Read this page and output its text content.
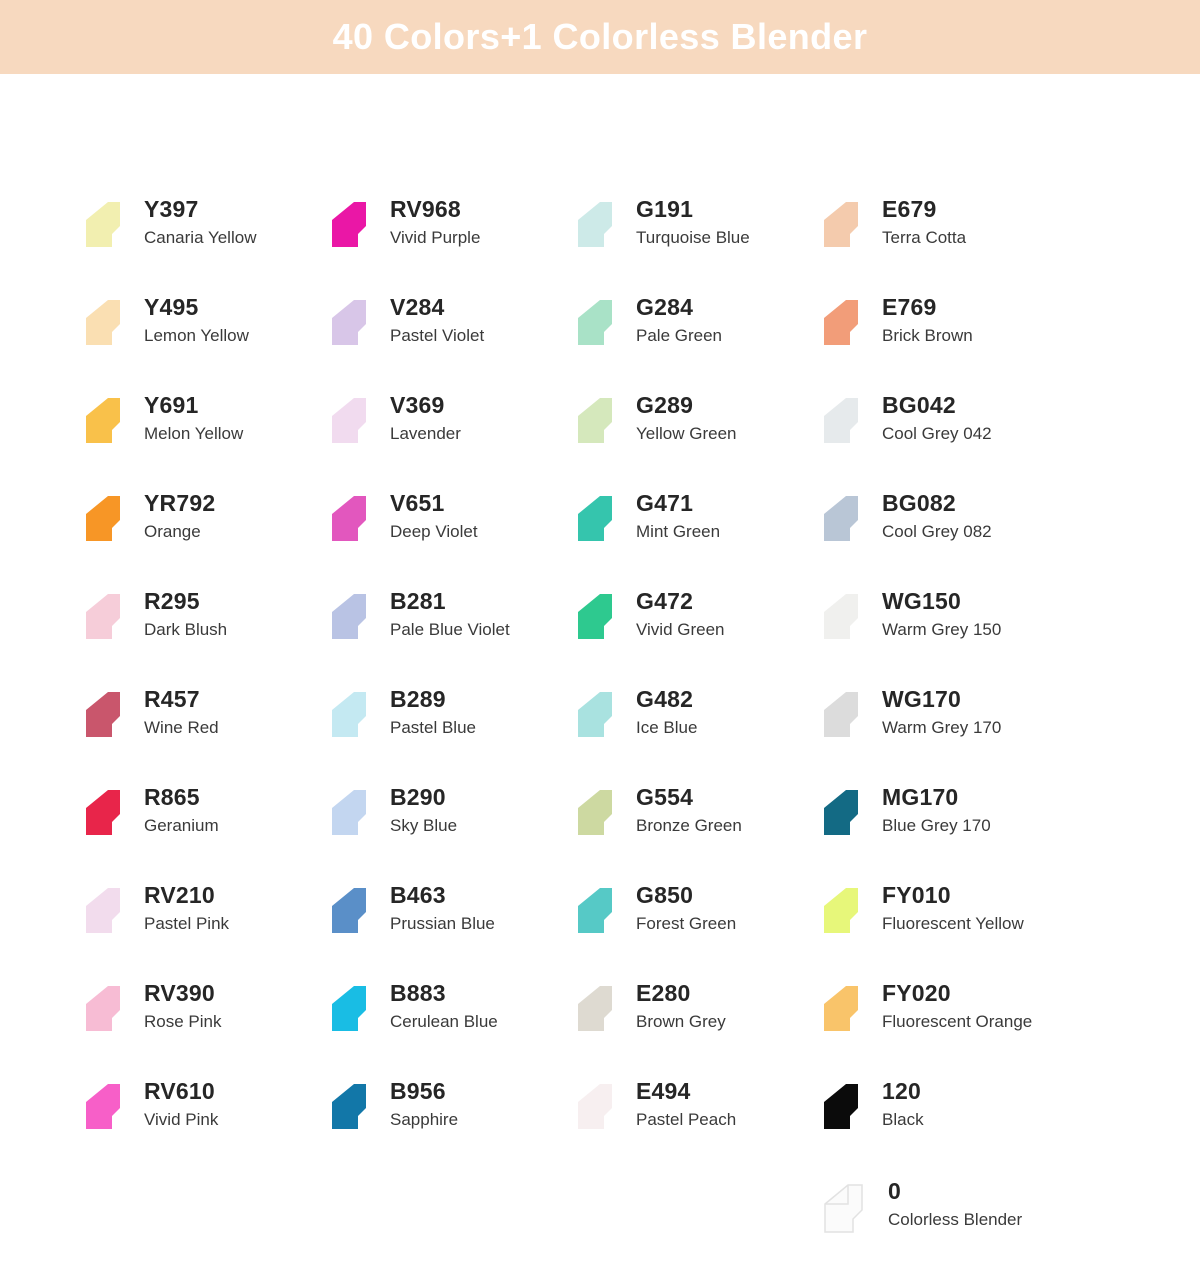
40 Colors+1 Colorless Blender
Y397
Canaria Yellow
RV968
Vivid Purple
G191
Turquoise Blue
E679
Terra Cotta
Y495
Lemon Yellow
V284
Pastel Violet
G284
Pale Green
E769
Brick Brown
Y691
Melon Yellow
V369
Lavender
G289
Yellow Green
BG042
Cool Grey 042
YR792
Orange
V651
Deep Violet
G471
Mint Green
BG082
Cool Grey 082
R295
Dark Blush
B281
Pale Blue Violet
G472
Vivid Green
WG150
Warm Grey 150
R457
Wine Red
B289
Pastel Blue
G482
Ice Blue
WG170
Warm Grey 170
R865
Geranium
B290
Sky Blue
G554
Bronze Green
MG170
Blue Grey 170
RV210
Pastel Pink
B463
Prussian Blue
G850
Forest Green
FY010
Fluorescent Yellow
RV390
Rose Pink
B883
Cerulean Blue
E280
Brown Grey
FY020
Fluorescent Orange
RV610
Vivid Pink
B956
Sapphire
E494
Pastel Peach
120
Black
0
Colorless Blender
